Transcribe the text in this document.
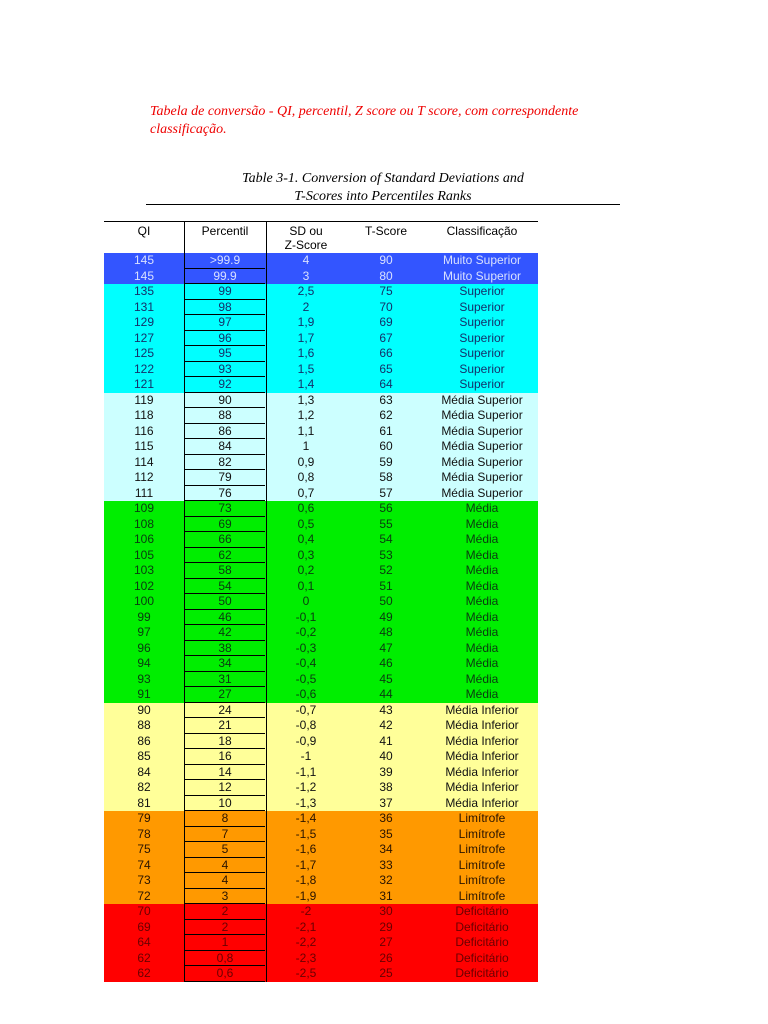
Tabela de conversão - QI, percentil, Z score ou T score, com correspondente classificação.
Table 3-1. Conversion of Standard Deviations and
T-Scores into Percentiles Ranks
QI	Percentil	SD ou
Z-Score
T-Score	Classificação
145	>99.9	4	90	Muito Superior
145	99.9	3	80	Muito Superior
135	99	2,5	75	Superior
131	98	2	70	Superior
129	97	1,9	69	Superior
127	96	1,7	67	Superior
125	95	1,6	66	Superior
122	93	1,5	65	Superior
121	92	1,4	64	Superior
119	90	1,3	63	Média Superior
118	88	1,2	62	Média Superior
116	86	1,1	61	Média Superior
115	84	1	60	Média Superior
114	82	0,9	59	Média Superior
112	79	0,8	58	Média Superior
111	76	0,7	57	Média Superior
109	73	0,6	56	Média
108	69	0,5	55	Média
106	66	0,4	54	Média
105	62	0,3	53	Média
103	58	0,2	52	Média
102	54	0,1	51	Média
100	50	0	50	Média
99	46	-0,1	49	Média
97	42	-0,2	48	Média
96	38	-0,3	47	Média
94	34	-0,4	46	Média
93	31	-0,5	45	Média
91	27	-0,6	44	Média
90	24	-0,7	43	Média Inferior
88	21	-0,8	42	Média Inferior
86	18	-0,9	41	Média Inferior
85	16	-1	40	Média Inferior
84	14	-1,1	39	Média Inferior
82	12	-1,2	38	Média Inferior
81	10	-1,3	37	Média Inferior
79	8	-1,4	36	Limítrofe
78	7	-1,5	35	Limítrofe
75	5	-1,6	34	Limítrofe
74	4	-1,7	33	Limítrofe
73	4	-1,8	32	Limítrofe
72	3	-1,9	31	Limítrofe
70	2	-2	30	Deficitário
69	2	-2,1	29	Deficitário
64	1	-2,2	27	Deficitário
62	0,8	-2,3	26	Deficitário
62	0,6	-2,5	25	Deficitário
